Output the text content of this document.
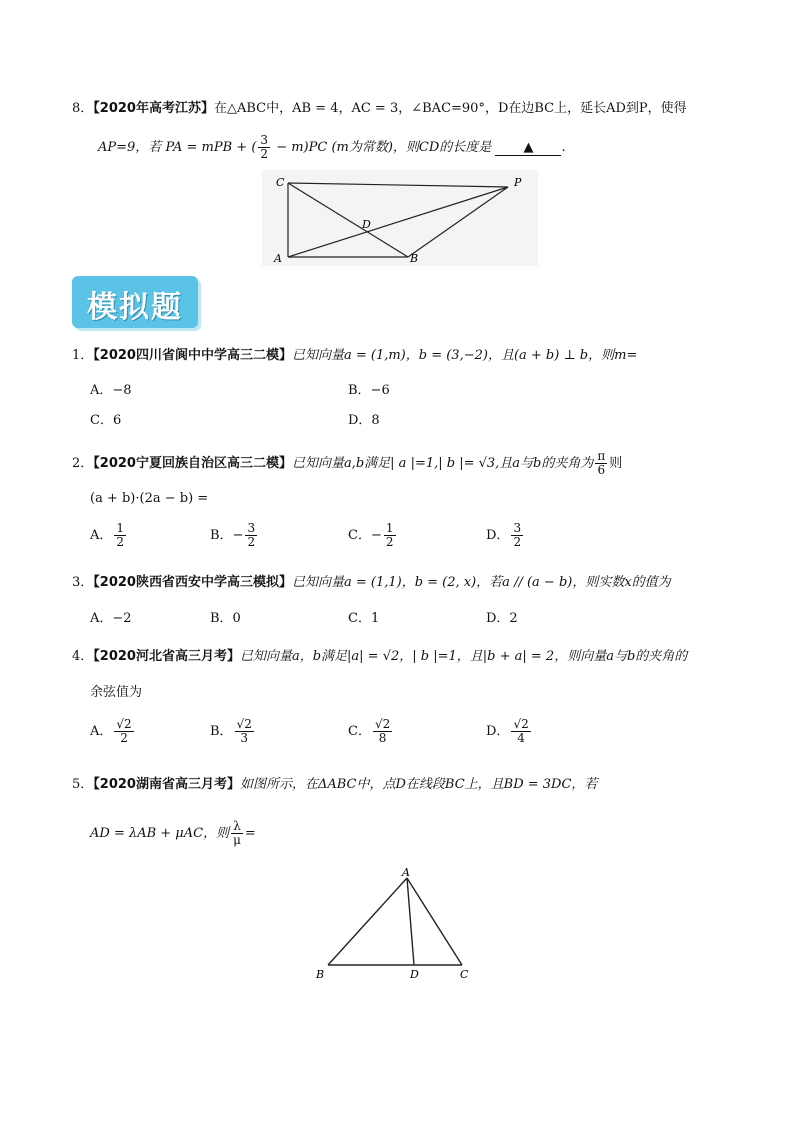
8．【2020年高考江苏】在△ABC中，AB = 4，AC = 3，∠BAC=90°，D在边BC上，延长AD到P，使得
AP=9，若 PA = mPB + ( $\frac{3}{2} - m)PC$ (m为常数)，则CD的长度是 ▲ .
C	P
D
A	B
模拟题
1．【2020四川省阆中中学高三二模】已知向量a = (1,m)，b = (3,−2)，且(a + b) ⊥ b，则m=
A．−8	B．−6
C．6	D．8
2．【2020宁夏回族自治区高三二模】已知向量a,b满足| a |=1,| b |= √3,且a与b的夹角为 $\frac{\pi}{6}$ 则
(a + b)·(2a − b) =
A． $\frac{1}{2}$	B．− $\frac{3}{2}$	C．− $\frac{1}{2}$	D． $\frac{3}{2}$
3．【2020陕西省西安中学高三模拟】已知向量a = (1,1)，b = (2, x)，若a // (a − b)，则实数x的值为
A．−2	B．0	C．1	D．2
4．【2020河北省高三月考】已知向量a，b满足|a| = √2，| b |=1，且|b + a| = 2，则向量a与b的夹角的
余弦值为
A． $\frac{√2}{2}$	B． $\frac{√2}{3}$	C． $\frac{√2}{8}$	D． $\frac{√2}{4}$
5．【2020湖南省高三月考】如图所示，在ΔABC中，点D在线段BC上，且BD = 3DC，若
AD = λAB + μAC，则 $\frac{\lambda}{\mu}$ =
A
B	D	C
